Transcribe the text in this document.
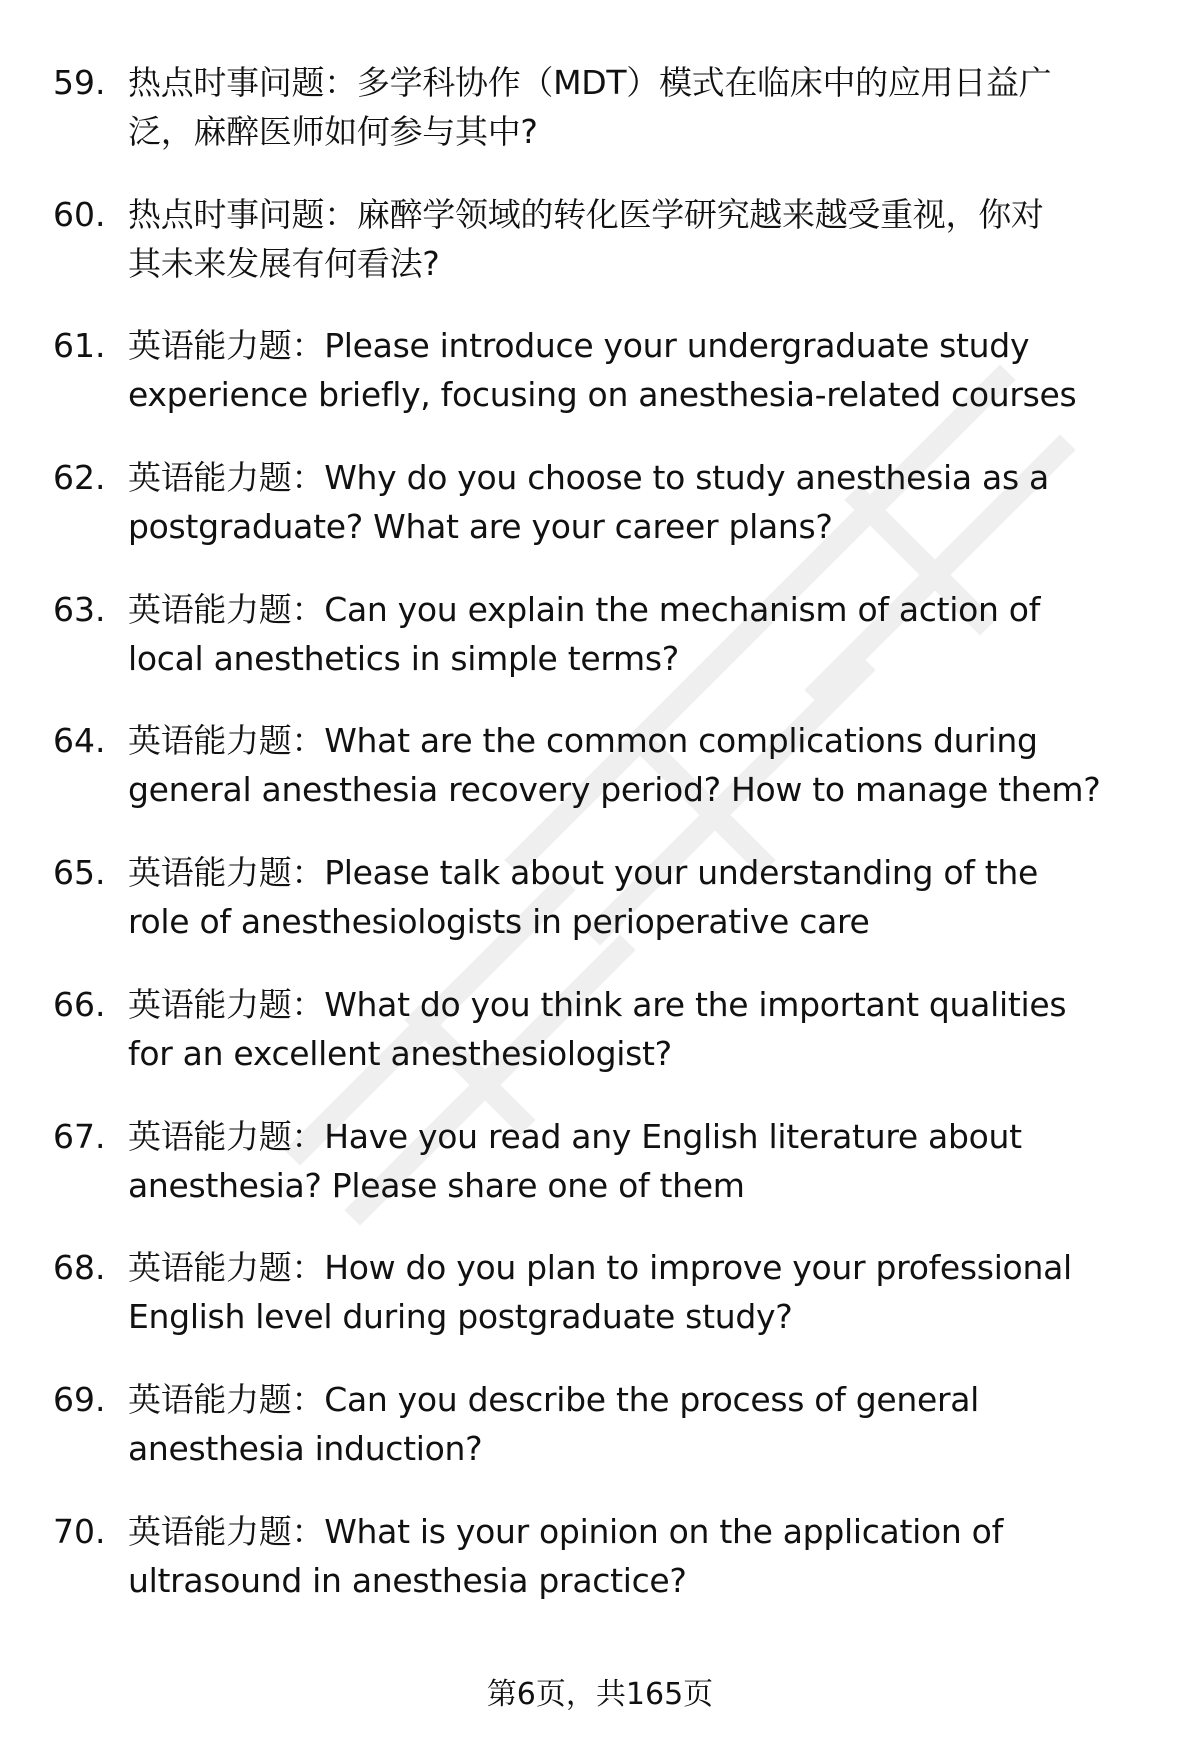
59. 热点时事问题：多学科协作（MDT）模式在临床中的应用日益广
泛，麻醉医师如何参与其中?
60. 热点时事问题：麻醉学领域的转化医学研究越来越受重视，你对
其未来发展有何看法?
61. 英语能力题：Please introduce your undergraduate study
experience briefly, focusing on anesthesia-related courses
62. 英语能力题：Why do you choose to study anesthesia as a
postgraduate? What are your career plans?
63. 英语能力题：Can you explain the mechanism of action of
local anesthetics in simple terms?
64. 英语能力题：What are the common complications during
general anesthesia recovery period? How to manage them?
65. 英语能力题：Please talk about your understanding of the
role of anesthesiologists in perioperative care
66. 英语能力题：What do you think are the important qualities
for an excellent anesthesiologist?
67. 英语能力题：Have you read any English literature about
anesthesia? Please share one of them
68. 英语能力题：How do you plan to improve your professional
English level during postgraduate study?
69. 英语能力题：Can you describe the process of general
anesthesia induction?
70. 英语能力题：What is your opinion on the application of
ultrasound in anesthesia practice?
第6页，共165页
